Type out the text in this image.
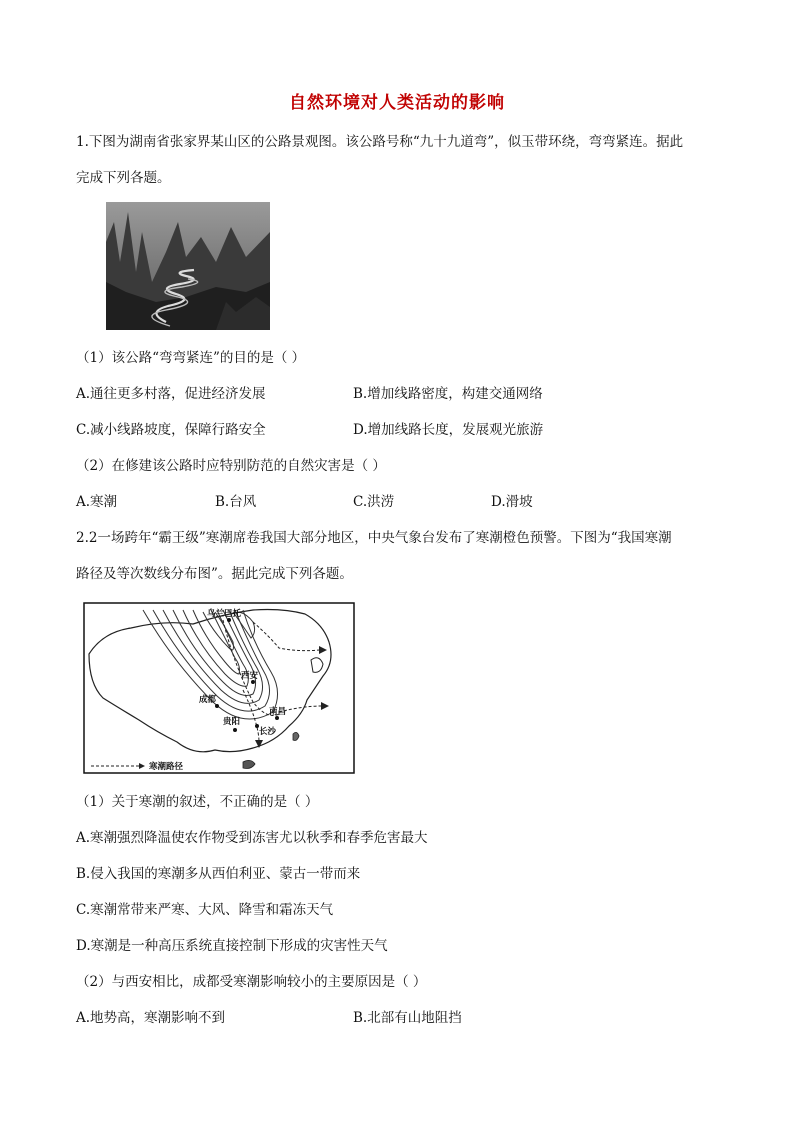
自然环境对人类活动的影响
1.下图为湖南省张家界某山区的公路景观图。该公路号称“九十九道弯”，似玉带环绕，弯弯紧连。据此
完成下列各题。
（1）该公路“弯弯紧连”的目的是（ ）
A.通往更多村落，促进经济发展	B.增加线路密度，构建交通网络
C.减小线路坡度，保障行路安全	D.增加线路长度，发展观光旅游
（2）在修建该公路时应特别防范的自然灾害是（ ）
A.寒潮	B.台风	C.洪涝	D.滑坡
2.2一场跨年“霸王级”寒潮席卷我国大部分地区，中央气象台发布了寒潮橙色预警。下图为“我国寒潮
路径及等次数线分布图”。据此完成下列各题。
乌兰巴托
西安
成都
贵阳
南昌
长沙
寒潮路径
（1）关于寒潮的叙述，不正确的是（ ）
A.寒潮强烈降温使农作物受到冻害尤以秋季和春季危害最大
B.侵入我国的寒潮多从西伯利亚、蒙古一带而来
C.寒潮常带来严寒、大风、降雪和霜冻天气
D.寒潮是一种高压系统直接控制下形成的灾害性天气
（2）与西安相比，成都受寒潮影响较小的主要原因是（ ）
A.地势高，寒潮影响不到	B.北部有山地阻挡
